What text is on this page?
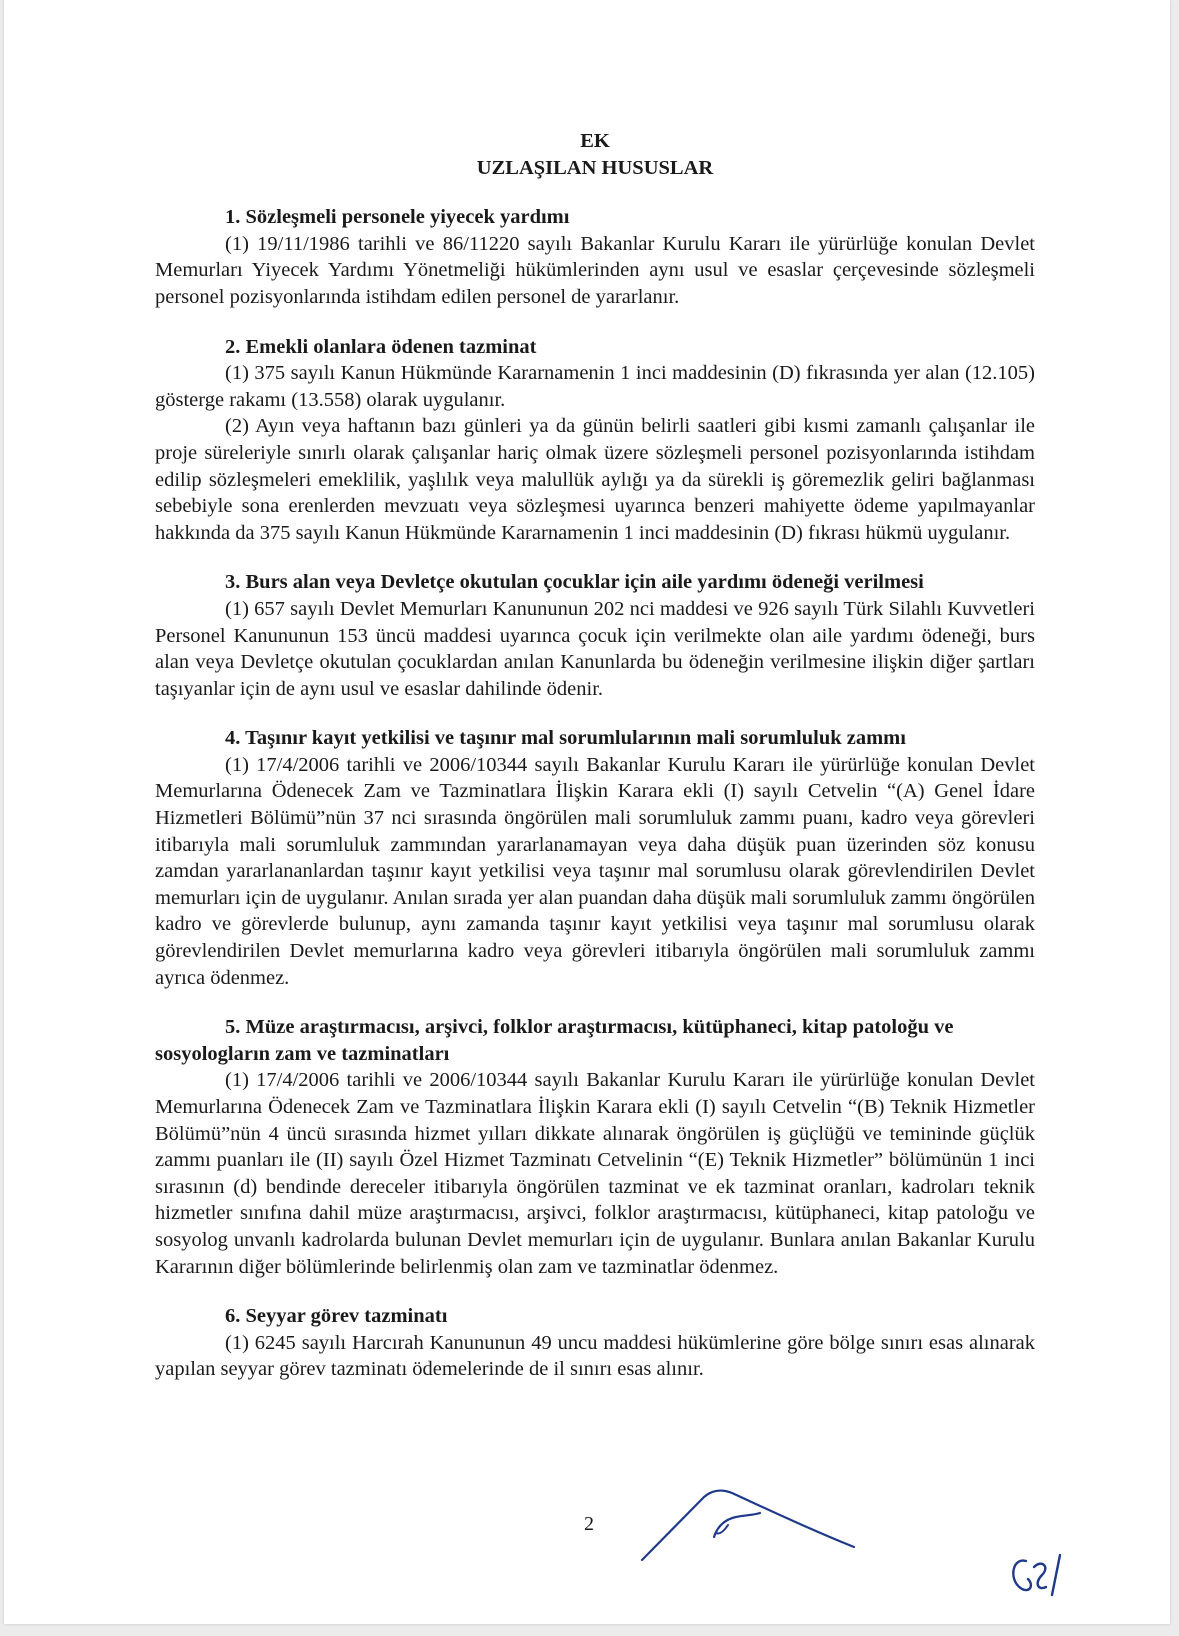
EK
UZLAŞILAN HUSUSLAR
1. Sözleşmeli personele yiyecek yardımı

(1) 19/11/1986 tarihli ve 86/11220 sayılı Bakanlar Kurulu Kararı ile yürürlüğe konulan Devlet Memurları Yiyecek Yardımı Yönetmeliği hükümlerinden aynı usul ve esaslar çerçevesinde sözleşmeli personel pozisyonlarında istihdam edilen personel de yararlanır.

2. Emekli olanlara ödenen tazminat

(1) 375 sayılı Kanun Hükmünde Kararnamenin 1 inci maddesinin (D) fıkrasında yer alan (12.105) gösterge rakamı (13.558) olarak uygulanır.

(2) Ayın veya haftanın bazı günleri ya da günün belirli saatleri gibi kısmi zamanlı çalışanlar ile proje süreleriyle sınırlı olarak çalışanlar hariç olmak üzere sözleşmeli personel pozisyonlarında istihdam edilip sözleşmeleri emeklilik, yaşlılık veya malullük aylığı ya da sürekli iş göremezlik geliri bağlanması sebebiyle sona erenlerden mevzuatı veya sözleşmesi uyarınca benzeri mahiyette ödeme yapılmayanlar hakkında da 375 sayılı Kanun Hükmünde Kararnamenin 1 inci maddesinin (D) fıkrası hükmü uygulanır.

3. Burs alan veya Devletçe okutulan çocuklar için aile yardımı ödeneği verilmesi

(1) 657 sayılı Devlet Memurları Kanununun 202 nci maddesi ve 926 sayılı Türk Silahlı Kuvvetleri Personel Kanununun 153 üncü maddesi uyarınca çocuk için verilmekte olan aile yardımı ödeneği, burs alan veya Devletçe okutulan çocuklardan anılan Kanunlarda bu ödeneğin verilmesine ilişkin diğer şartları taşıyanlar için de aynı usul ve esaslar dahilinde ödenir.

4. Taşınır kayıt yetkilisi ve taşınır mal sorumlularının mali sorumluluk zammı

(1) 17/4/2006 tarihli ve 2006/10344 sayılı Bakanlar Kurulu Kararı ile yürürlüğe konulan Devlet Memurlarına Ödenecek Zam ve Tazminatlara İlişkin Karara ekli (I) sayılı Cetvelin “(A) Genel İdare Hizmetleri Bölümü”nün 37 nci sırasında öngörülen mali sorumluluk zammı puanı, kadro veya görevleri itibarıyla mali sorumluluk zammından yararlanamayan veya daha düşük puan üzerinden söz konusu zamdan yararlananlardan taşınır kayıt yetkilisi veya taşınır mal sorumlusu olarak görevlendirilen Devlet memurları için de uygulanır. Anılan sırada yer alan puandan daha düşük mali sorumluluk zammı öngörülen kadro ve görevlerde bulunup, aynı zamanda taşınır kayıt yetkilisi veya taşınır mal sorumlusu olarak görevlendirilen Devlet memurlarına kadro veya görevleri itibarıyla öngörülen mali sorumluluk zammı ayrıca ödenmez.

5. Müze araştırmacısı, arşivci, folklor araştırmacısı, kütüphaneci, kitap patoloğu ve sosyologların zam ve tazminatları

(1) 17/4/2006 tarihli ve 2006/10344 sayılı Bakanlar Kurulu Kararı ile yürürlüğe konulan Devlet Memurlarına Ödenecek Zam ve Tazminatlara İlişkin Karara ekli (I) sayılı Cetvelin “(B) Teknik Hizmetler Bölümü”nün 4 üncü sırasında hizmet yılları dikkate alınarak öngörülen iş güçlüğü ve temininde güçlük zammı puanları ile (II) sayılı Özel Hizmet Tazminatı Cetvelinin “(E) Teknik Hizmetler” bölümünün 1 inci sırasının (d) bendinde dereceler itibarıyla öngörülen tazminat ve ek tazminat oranları, kadroları teknik hizmetler sınıfına dahil müze araştırmacısı, arşivci, folklor araştırmacısı, kütüphaneci, kitap patoloğu ve sosyolog unvanlı kadrolarda bulunan Devlet memurları için de uygulanır. Bunlara anılan Bakanlar Kurulu Kararının diğer bölümlerinde belirlenmiş olan zam ve tazminatlar ödenmez.

6. Seyyar görev tazminatı

(1) 6245 sayılı Harcırah Kanununun 49 uncu maddesi hükümlerine göre bölge sınırı esas alınarak yapılan seyyar görev tazminatı ödemelerinde de il sınırı esas alınır.

2
